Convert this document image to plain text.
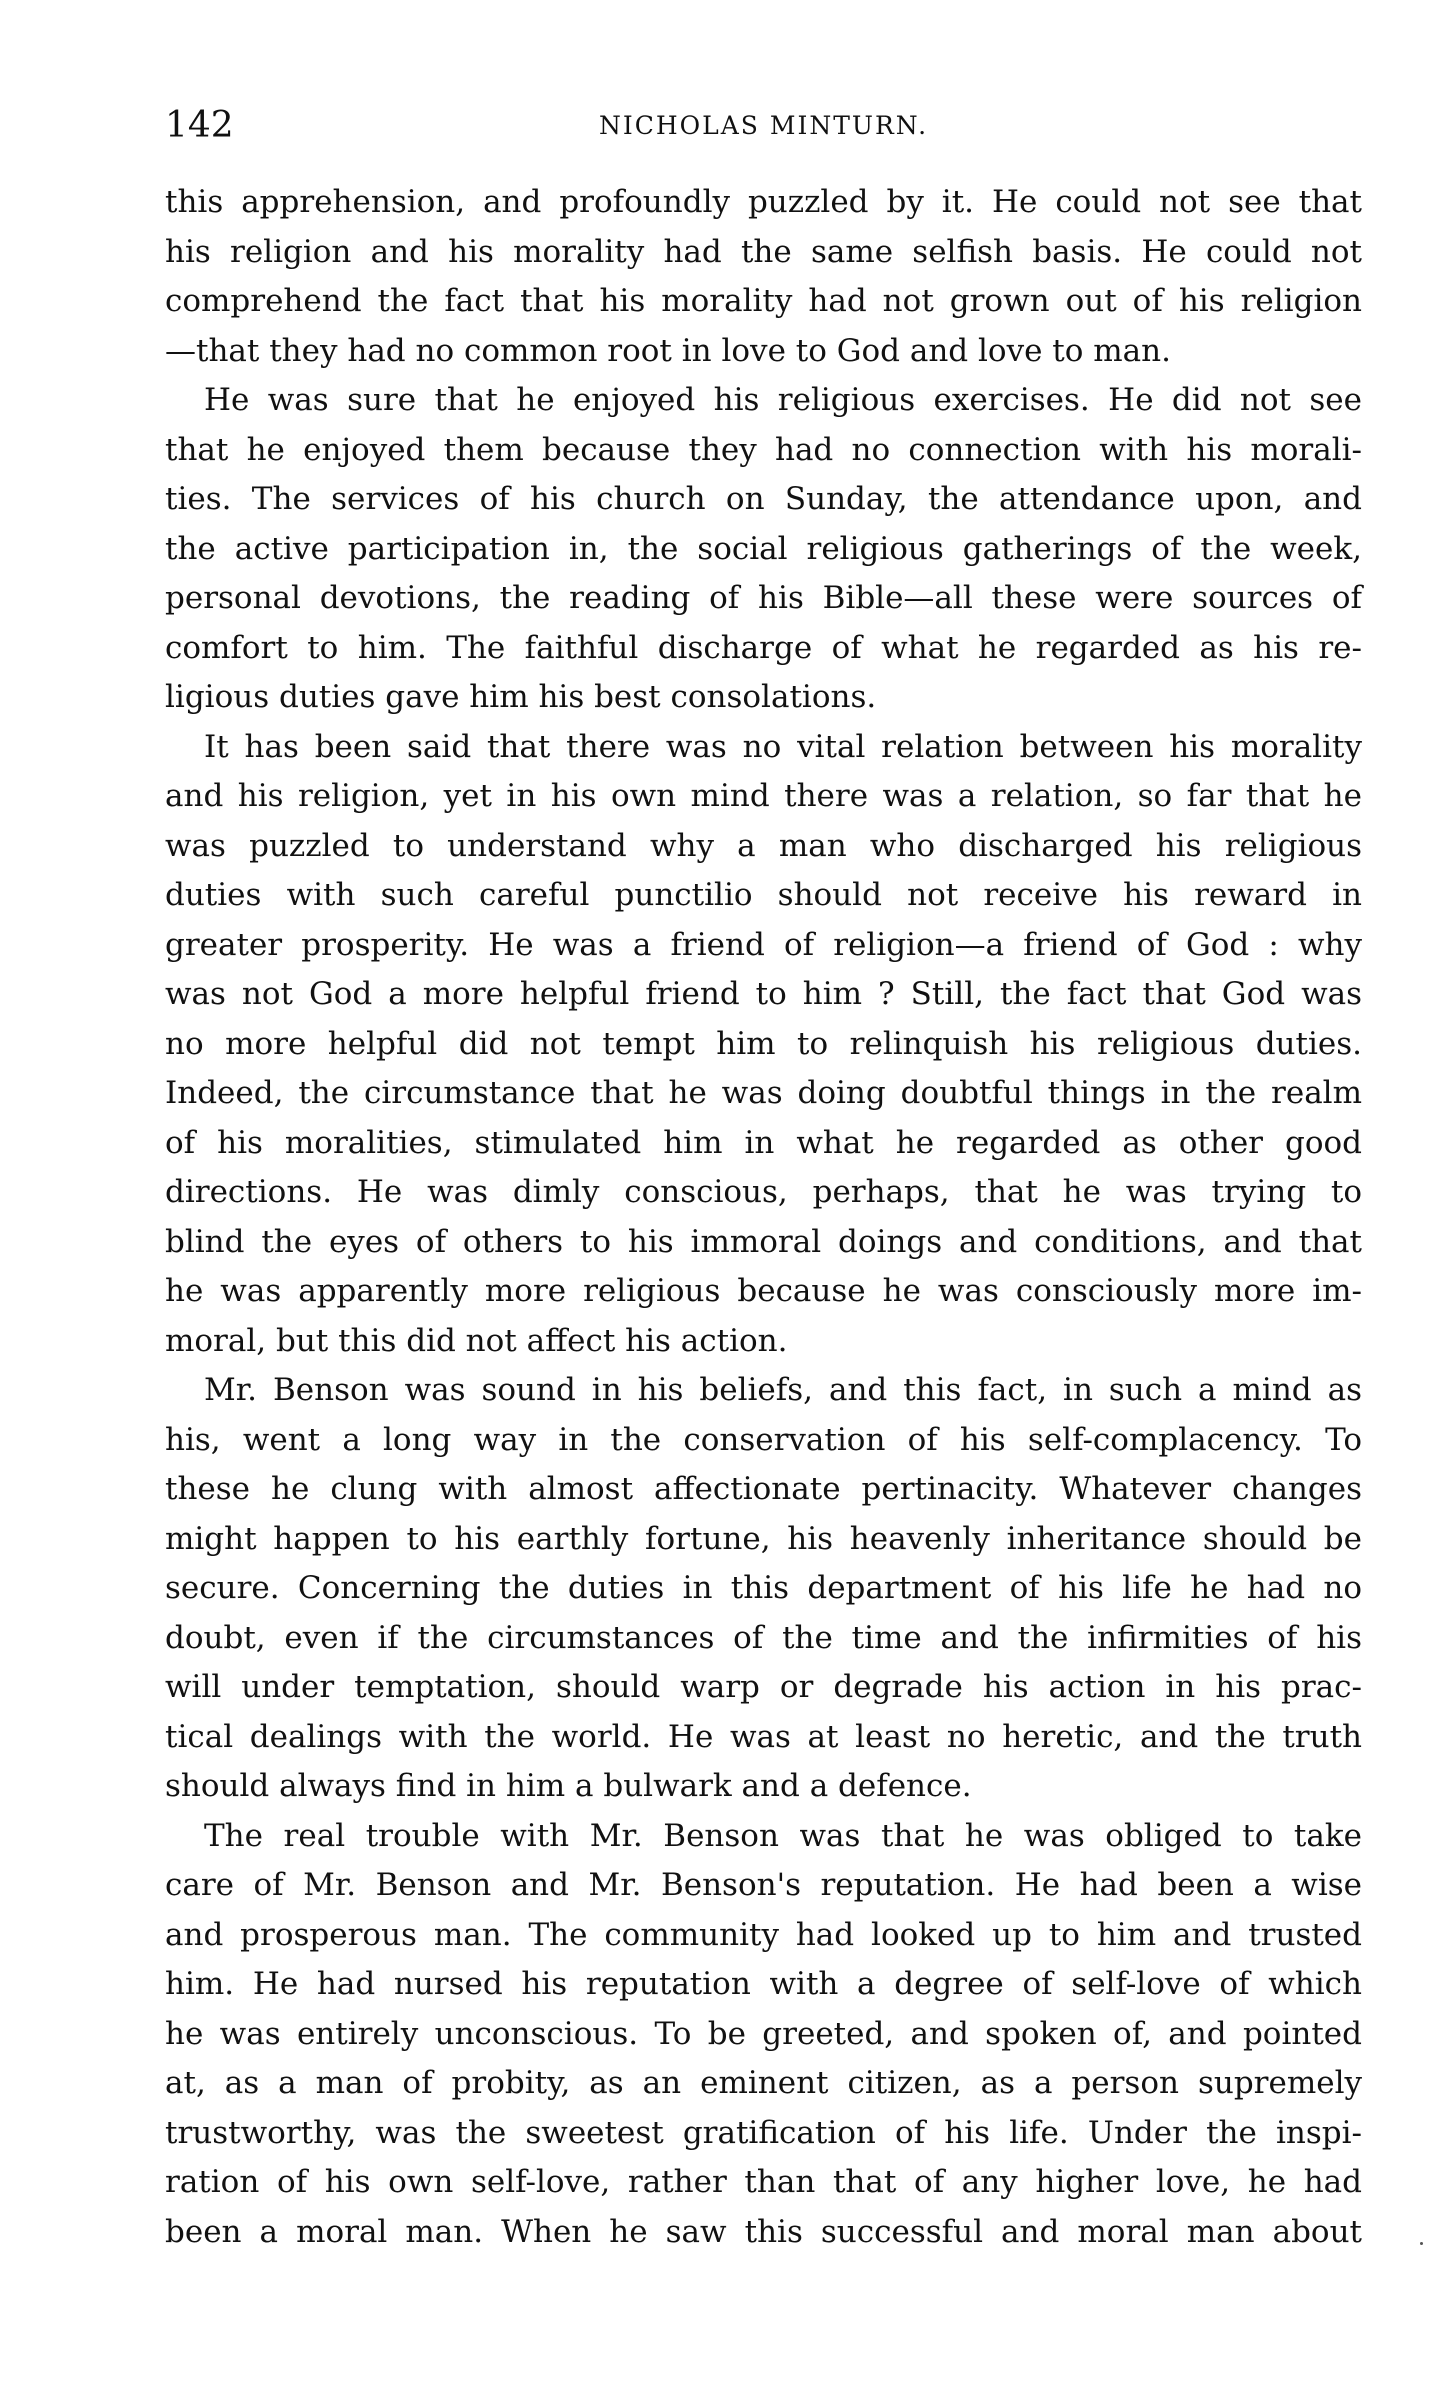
142	NICHOLAS MINTURN.
this apprehension, and profoundly puzzled by it. He could not see that
his religion and his morality had the same selfish basis. He could not
comprehend the fact that his morality had not grown out of his religion
—that they had no common root in love to God and love to man.
He was sure that he enjoyed his religious exercises. He did not see
that he enjoyed them because they had no connection with his morali-
ties. The services of his church on Sunday, the attendance upon, and
the active participation in, the social religious gatherings of the week,
personal devotions, the reading of his Bible—all these were sources of
comfort to him. The faithful discharge of what he regarded as his re-
ligious duties gave him his best consolations.
It has been said that there was no vital relation between his morality
and his religion, yet in his own mind there was a relation, so far that he
was puzzled to understand why a man who discharged his religious
duties with such careful punctilio should not receive his reward in
greater prosperity. He was a friend of religion—a friend of God : why
was not God a more helpful friend to him ? Still, the fact that God was
no more helpful did not tempt him to relinquish his religious duties.
Indeed, the circumstance that he was doing doubtful things in the realm
of his moralities, stimulated him in what he regarded as other good
directions. He was dimly conscious, perhaps, that he was trying to
blind the eyes of others to his immoral doings and conditions, and that
he was apparently more religious because he was consciously more im-
moral, but this did not affect his action.
Mr. Benson was sound in his beliefs, and this fact, in such a mind as
his, went a long way in the conservation of his self-complacency. To
these he clung with almost affectionate pertinacity. Whatever changes
might happen to his earthly fortune, his heavenly inheritance should be
secure. Concerning the duties in this department of his life he had no
doubt, even if the circumstances of the time and the infirmities of his
will under temptation, should warp or degrade his action in his prac-
tical dealings with the world. He was at least no heretic, and the truth
should always find in him a bulwark and a defence.
The real trouble with Mr. Benson was that he was obliged to take
care of Mr. Benson and Mr. Benson's reputation. He had been a wise
and prosperous man. The community had looked up to him and trusted
him. He had nursed his reputation with a degree of self-love of which
he was entirely unconscious. To be greeted, and spoken of, and pointed
at, as a man of probity, as an eminent citizen, as a person supremely
trustworthy, was the sweetest gratification of his life. Under the inspi-
ration of his own self-love, rather than that of any higher love, he had
been a moral man. When he saw this successful and moral man about
